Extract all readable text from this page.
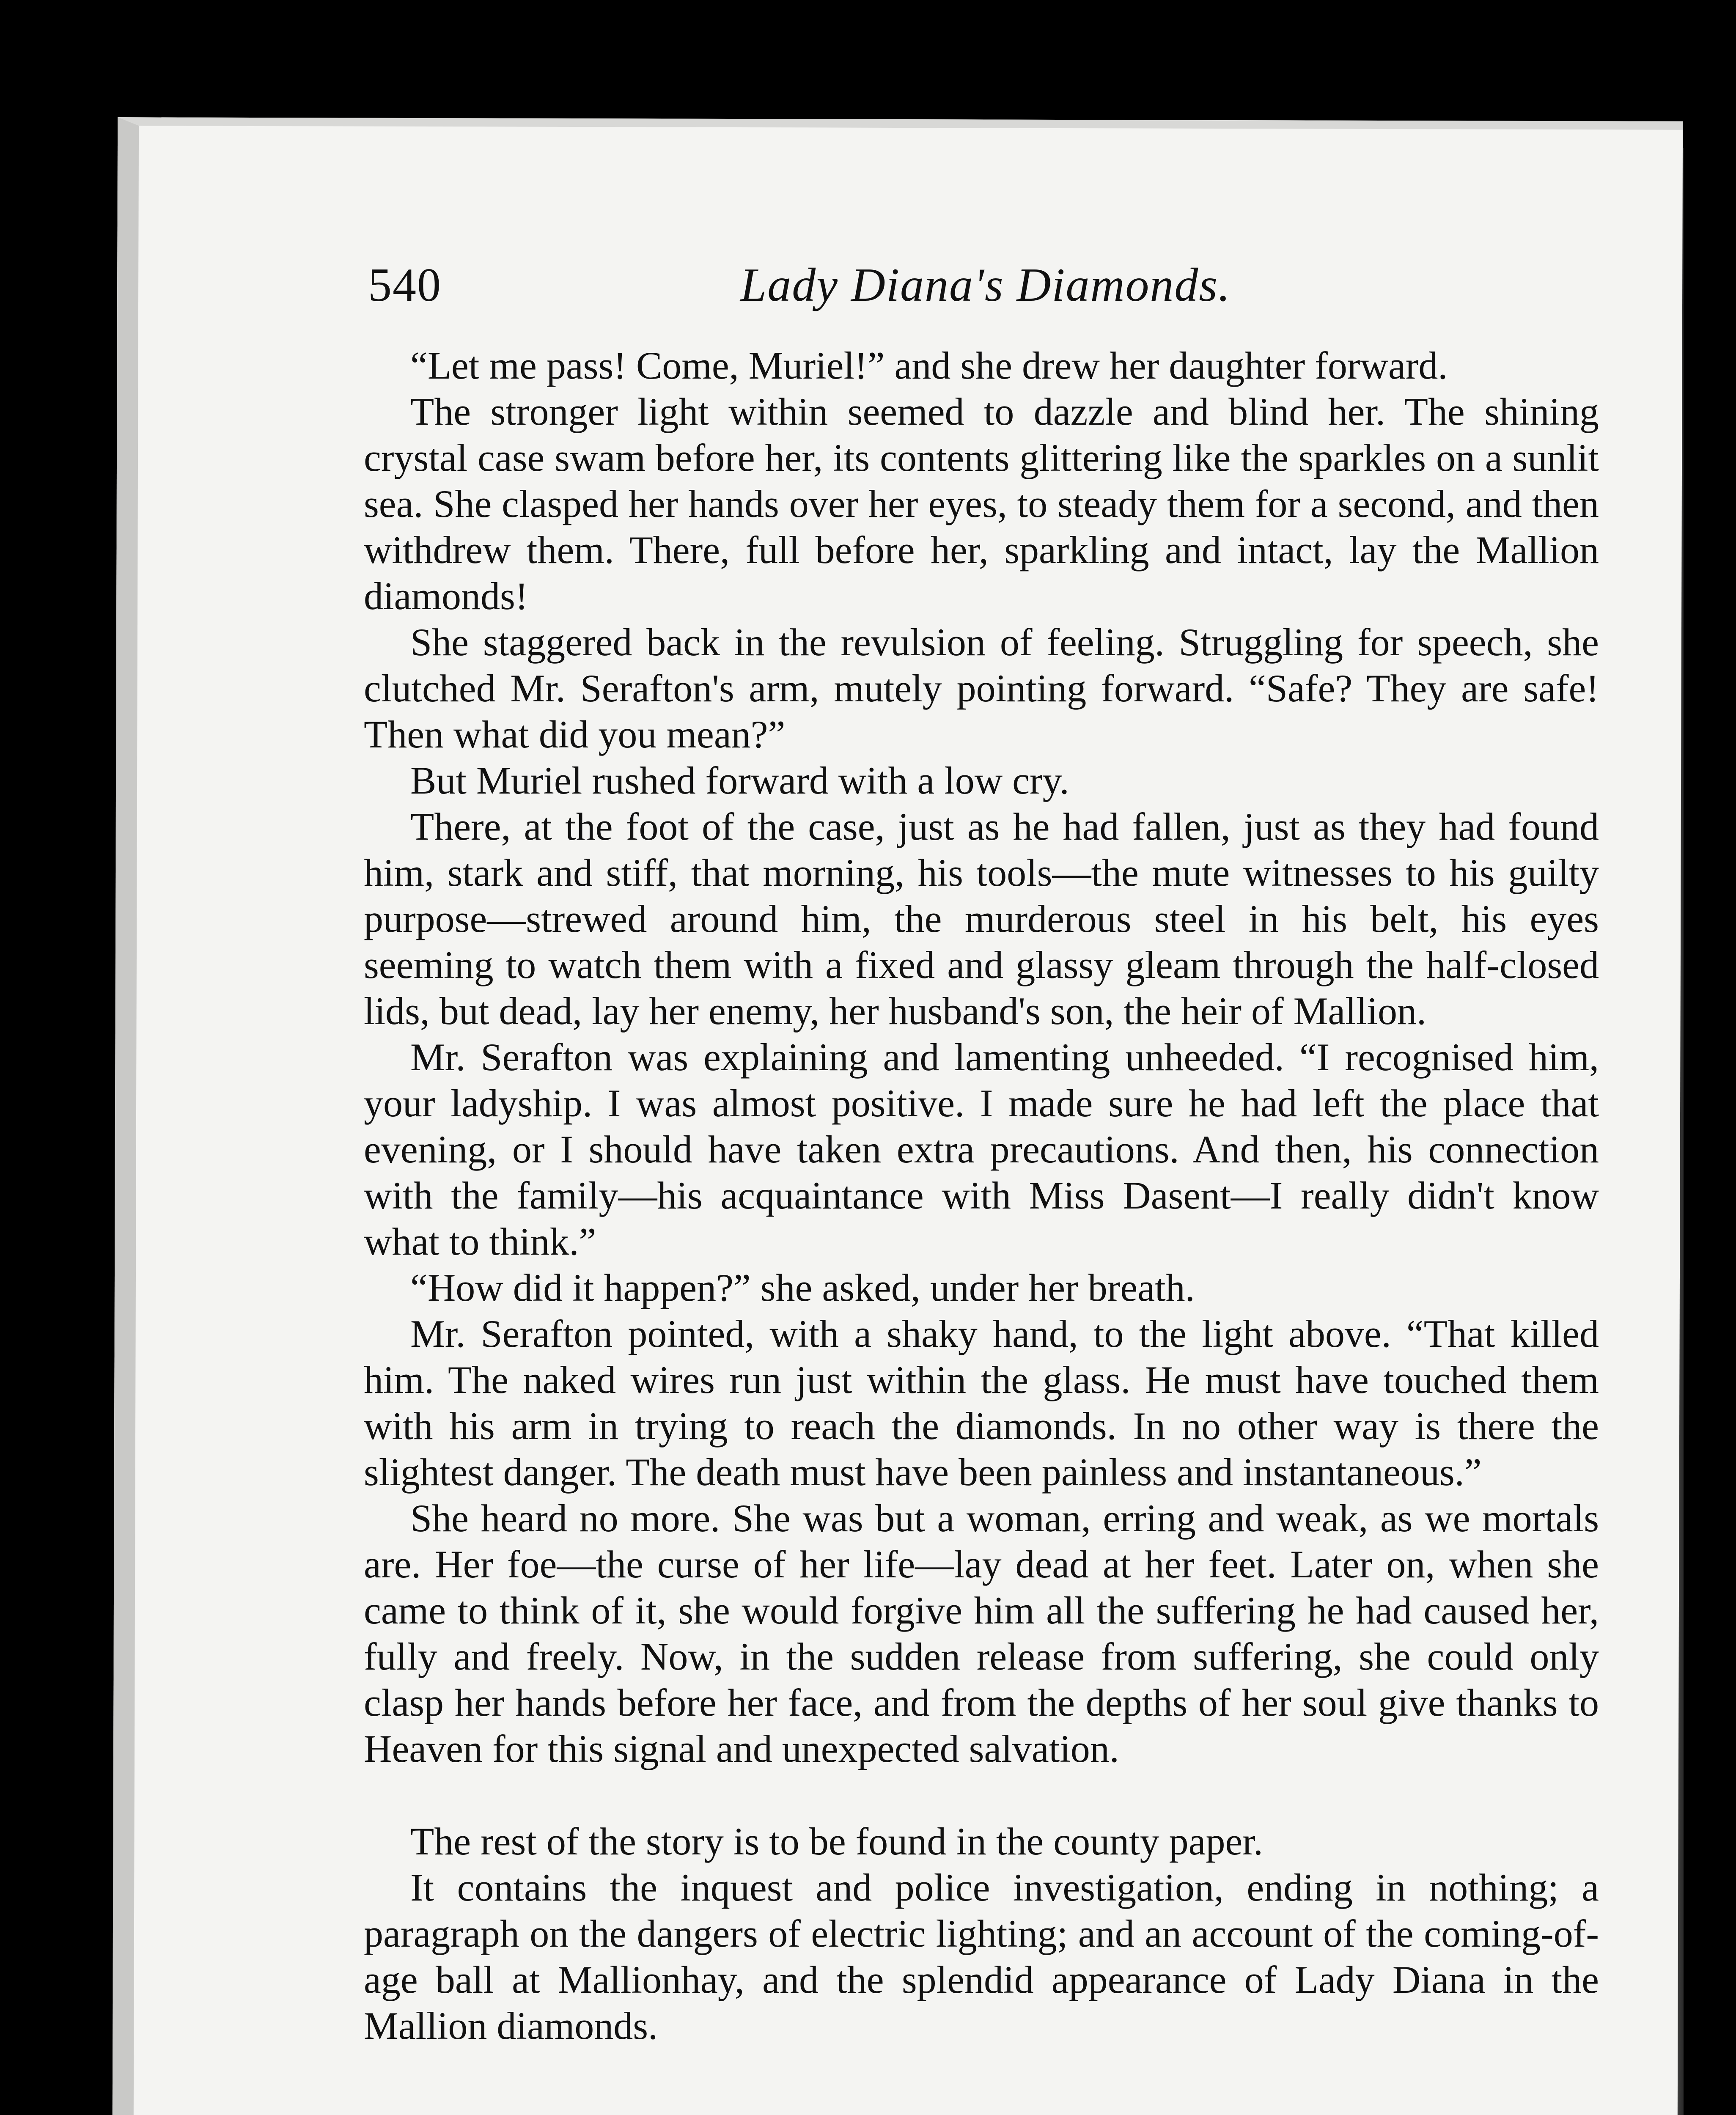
540	Lady Diana's Diamonds.

“Let me pass! Come, Muriel!” and she drew her daughter forward.

The stronger light within seemed to dazzle and blind her. The shining crystal case swam before her, its contents glittering like the sparkles on a sunlit sea. She clasped her hands over her eyes, to steady them for a second, and then withdrew them. There, full before her, sparkling and intact, lay the Mallion diamonds!

She staggered back in the revulsion of feeling. Struggling for speech, she clutched Mr. Serafton's arm, mutely pointing forward. “Safe? They are safe! Then what did you mean?”

But Muriel rushed forward with a low cry.

There, at the foot of the case, just as he had fallen, just as they had found him, stark and stiff, that morning, his tools—the mute witnesses to his guilty purpose—strewed around him, the murderous steel in his belt, his eyes seeming to watch them with a fixed and glassy gleam through the half-closed lids, but dead, lay her enemy, her husband's son, the heir of Mallion.

Mr. Serafton was explaining and lamenting unheeded. “I recognised him, your ladyship. I was almost positive. I made sure he had left the place that evening, or I should have taken extra precautions. And then, his connection with the family—his acquaintance with Miss Dasent—I really didn't know what to think.”

“How did it happen?” she asked, under her breath.

Mr. Serafton pointed, with a shaky hand, to the light above. “That killed him. The naked wires run just within the glass. He must have touched them with his arm in trying to reach the diamonds. In no other way is there the slightest danger. The death must have been painless and instantaneous.”

She heard no more. She was but a woman, erring and weak, as we mortals are. Her foe—the curse of her life—lay dead at her feet. Later on, when she came to think of it, she would forgive him all the suffering he had caused her, fully and freely. Now, in the sudden release from suffering, she could only clasp her hands before her face, and from the depths of her soul give thanks to Heaven for this signal and unexpected salvation.

The rest of the story is to be found in the county paper.

It contains the inquest and police investigation, ending in nothing; a paragraph on the dangers of electric lighting; and an account of the coming-of-age ball at Mallionhay, and the splendid appearance of Lady Diana in the Mallion diamonds.
